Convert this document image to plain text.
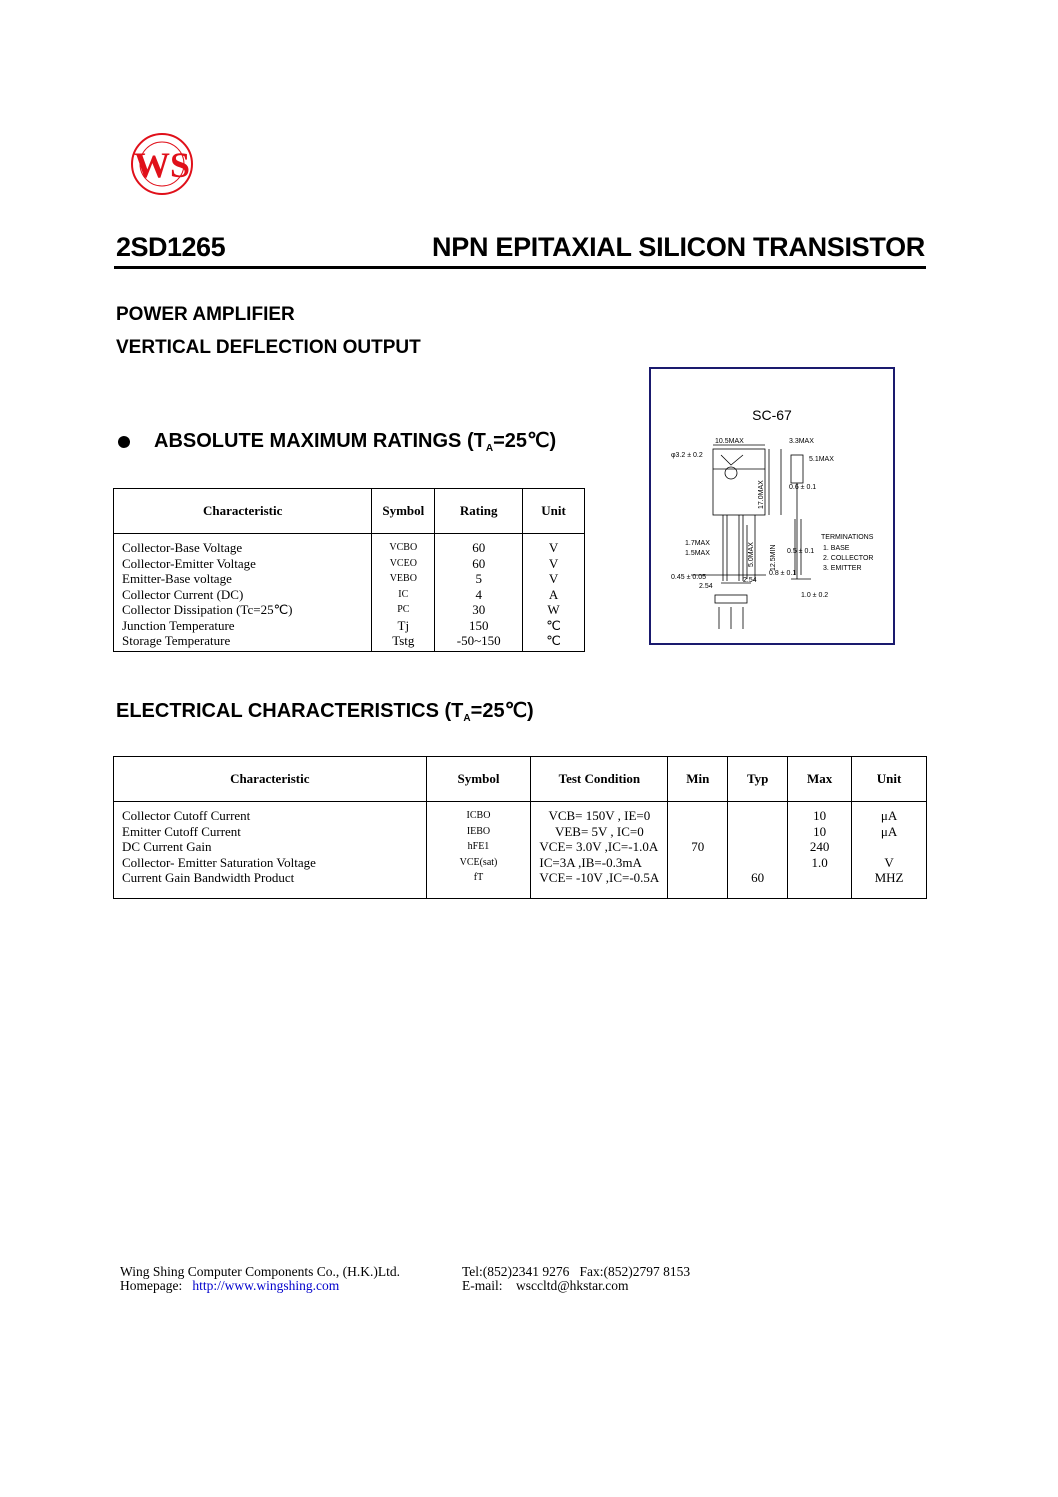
WS
2SD1265	NPN EPITAXIAL SILICON TRANSISTOR
POWER AMPLIFIER
VERTICAL DEFLECTION OUTPUT
ABSOLUTE MAXIMUM RATINGS $(T_A=25℃)$
Characteristic	Symbol	Rating	Unit
Collector-Base Voltage	VCBO	60	V
Collector-Emitter Voltage	VCEO	60	V
Emitter-Base voltage	VEBO	5	V
Collector Current (DC)	IC	4	A
Collector Dissipation (Tc=25℃)	PC	30	W
Junction Temperature	Tj	150	℃
Storage Temperature	Tstg	-50~150	℃
SC-67
10.5MAX	3.3MAX
φ3.2 ± 0.2
5.1MAX
17.0MAX
1.7MAX
1.5MAX	5.0MAX 12.5MIN
0.45 ± 0.05
2.54
2.54
0.8 ± 0.1
0.5 ± 0.1
0.6 ± 0.1
1.0 ± 0.2
TERMINATIONS
1. BASE
2. COLLECTOR
3. EMITTER
ELECTRICAL CHARACTERISTICS $(T_A=25℃)$
Characteristic	Symbol	Test Condition	Min	Typ	Max	Unit
Collector Cutoff Current	ICBO	VCB= 150V , IE=0			10	μA
Emitter Cutoff Current	IEBO	VEB= 5V , IC=0			10	μA
DC Current Gain	hFE1	VCE= 3.0V ,IC=-1.0A	70		240	
Collector- Emitter Saturation Voltage	VCE(sat)	IC=3A ,IB=-0.3mA			1.0	V
Current Gain Bandwidth Product	fT	VCE= -10V ,IC=-0.5A		60		MHZ
Wing Shing Computer Components Co., (H.K.)Ltd.
Homepage: http://www.wingshing.com
Tel:(852)2341 9276   Fax:(852)2797 8153
E-mail: wsccltd@hkstar.com
